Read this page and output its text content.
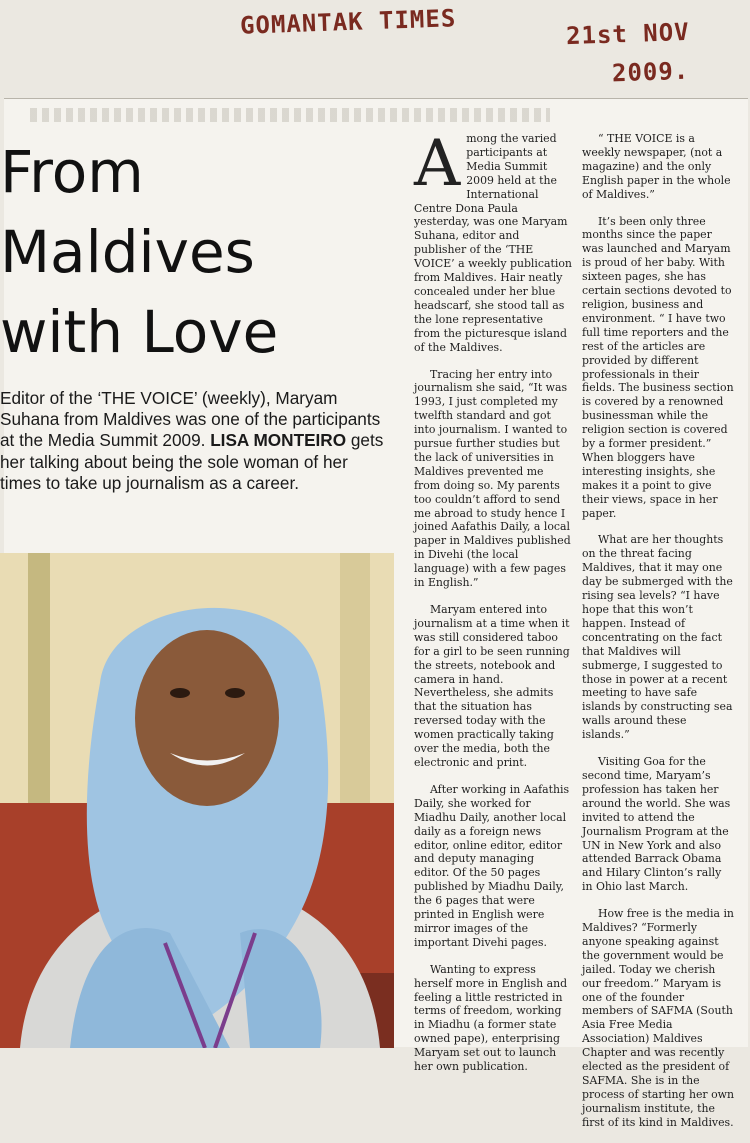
GOMANTAK TIMES	21st NOV
2009.
From
Maldives
with Love
Editor of the ‘THE VOICE’ (weekly), Maryam Suhana from Maldives was one of the participants at the Media Summit 2009. LISA MONTEIRO gets her talking about being the sole woman of her times to take up journalism as a career.

Among the varied participants at Media Summit 2009 held at the International Centre Dona Paula yesterday, was one Maryam Suhana, editor and publisher of the ‘THE VOICE’ a weekly publication from Maldives. Hair neatly concealed under her blue headscarf, she stood tall as the lone representative from the picturesque island of the Maldives.

Tracing her entry into journalism she said, “It was 1993, I just completed my twelfth standard and got into journalism. I wanted to pursue further studies but the lack of universities in Maldives prevented me from doing so. My parents too couldn’t afford to send me abroad to study hence I joined Aafathis Daily, a local paper in Maldives published in Divehi (the local language) with a few pages in English.”

Maryam entered into journalism at a time when it was still considered taboo for a girl to be seen running the streets, notebook and camera in hand. Nevertheless, she admits that the situation has reversed today with the women practically taking over the media, both the electronic and print.

After working in Aafathis Daily, she worked for Miadhu Daily, another local daily as a foreign news editor, online editor, editor and deputy managing editor. Of the 50 pages published by Miadhu Daily, the 6 pages that were printed in English were mirror images of the important Divehi pages.

Wanting to express herself more in English and feeling a little restricted in terms of freedom, working in Miadhu (a former state owned pape), enterprising Maryam set out to launch her own publication.

“ THE VOICE is a weekly newspaper, (not a magazine) and the only English paper in the whole of Maldives.”

It’s been only three months since the paper was launched and Maryam is proud of her baby. With sixteen pages, she has certain sections devoted to religion, business and environment. “ I have two full time reporters and the rest of the articles are provided by different professionals in their fields. The business section is covered by a renowned businessman while the religion section is covered by a former president.” When bloggers have interesting insights, she makes it a point to give their views, space in her paper.

What are her thoughts on the threat facing Maldives, that it may one day be submerged with the rising sea levels? “I have hope that this won’t happen. Instead of concentrating on the fact that Maldives will submerge, I suggested to those in power at a recent meeting to have safe islands by constructing sea walls around these islands.”

Visiting Goa for the second time, Maryam’s profession has taken her around the world. She was invited to attend the Journalism Program at the UN in New York and also attended Barrack Obama and Hilary Clinton’s rally in Ohio last March.

How free is the media in Maldives? “Formerly anyone speaking against the government would be jailed. Today we cherish our freedom.” Maryam is one of the founder members of SAFMA (South Asia Free Media Association) Maldives Chapter and was recently elected as the president of SAFMA. She is in the process of starting her own journalism institute, the first of its kind in Maldives.
